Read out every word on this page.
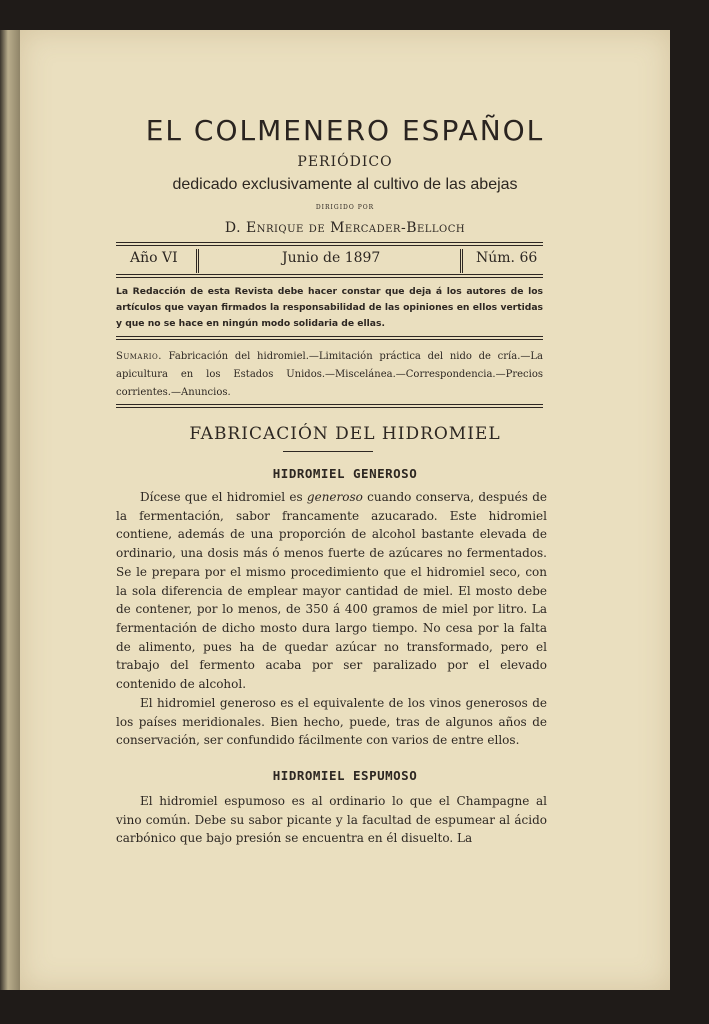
EL COLMENERO ESPAÑOL
PERIÓDICO
dedicado exclusivamente al cultivo de las abejas
DIRIGIDO POR
D. Enrique de Mercader-Belloch
Año VI	Junio de 1897	Núm. 66
La Redacción de esta Revista debe hacer constar que deja á los autores de los artículos que vayan firmados la responsabilidad de las opiniones en ellos vertidas y que no se hace en ningún modo solidaria de ellas.
Sumario. Fabricación del hidromiel.—Limitación práctica del nido de cría.—La apicultura en los Estados Unidos.—Miscelánea.—Correspondencia.—Precios corrientes.—Anuncios.
FABRICACIÓN DEL HIDROMIEL
HIDROMIEL GENEROSO

Dícese que el hidromiel es generoso cuando conserva, después de la fermentación, sabor francamente azucarado. Este hidromiel contiene, además de una proporción de alcohol bastante elevada de ordinario, una dosis más ó menos fuerte de azúcares no fermentados. Se le prepara por el mismo procedimiento que el hidromiel seco, con la sola diferencia de emplear mayor cantidad de miel. El mosto debe de contener, por lo menos, de 350 á 400 gramos de miel por litro. La fermentación de dicho mosto dura largo tiempo. No cesa por la falta de alimento, pues ha de quedar azúcar no transformado, pero el trabajo del fermento acaba por ser paralizado por el elevado contenido de alcohol.

El hidromiel generoso es el equivalente de los vinos generosos de los países meridionales. Bien hecho, puede, tras de algunos años de conservación, ser confundido fácilmente con varios de entre ellos.

HIDROMIEL ESPUMOSO

El hidromiel espumoso es al ordinario lo que el Champagne al vino común. Debe su sabor picante y la facultad de espumear al ácido carbónico que bajo presión se encuentra en él disuelto. La
